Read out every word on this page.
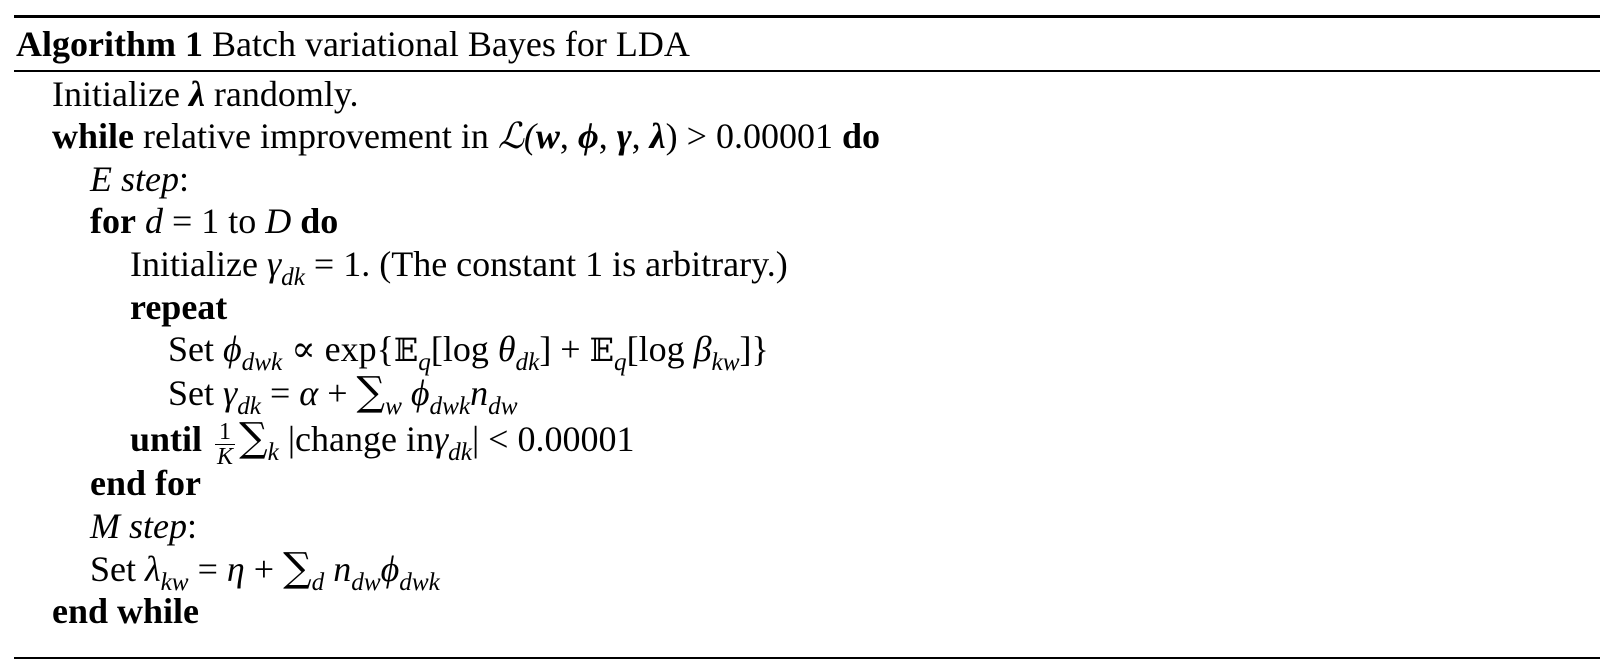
Algorithm 1 Batch variational Bayes for LDA
Initialize λ randomly.
while relative improvement in ℒ(w, ϕ, γ, λ) > 0.00001 do
E step:
for d = 1 to D do
Initialize $\gamma_{dk} = 1$. (The constant 1 is arbitrary.)
repeat
Set $\phi_{dwk}$ ∝ exp{𝔼$_q$[log $\theta_{dk}$] + 𝔼$_q$[log $\beta_{kw}$]}
Set $\gamma_{dk} = \alpha + \sum_w$ $\phi_{dwk}n_{dw}$
until $\frac{1}{K} \sum_k$ |change inγ$_{dk}$| < 0.00001
end for
M step:
Set $\lambda_{kw} = \eta + \sum_d$ $n_{dw}\phi_{dwk}$
end while
